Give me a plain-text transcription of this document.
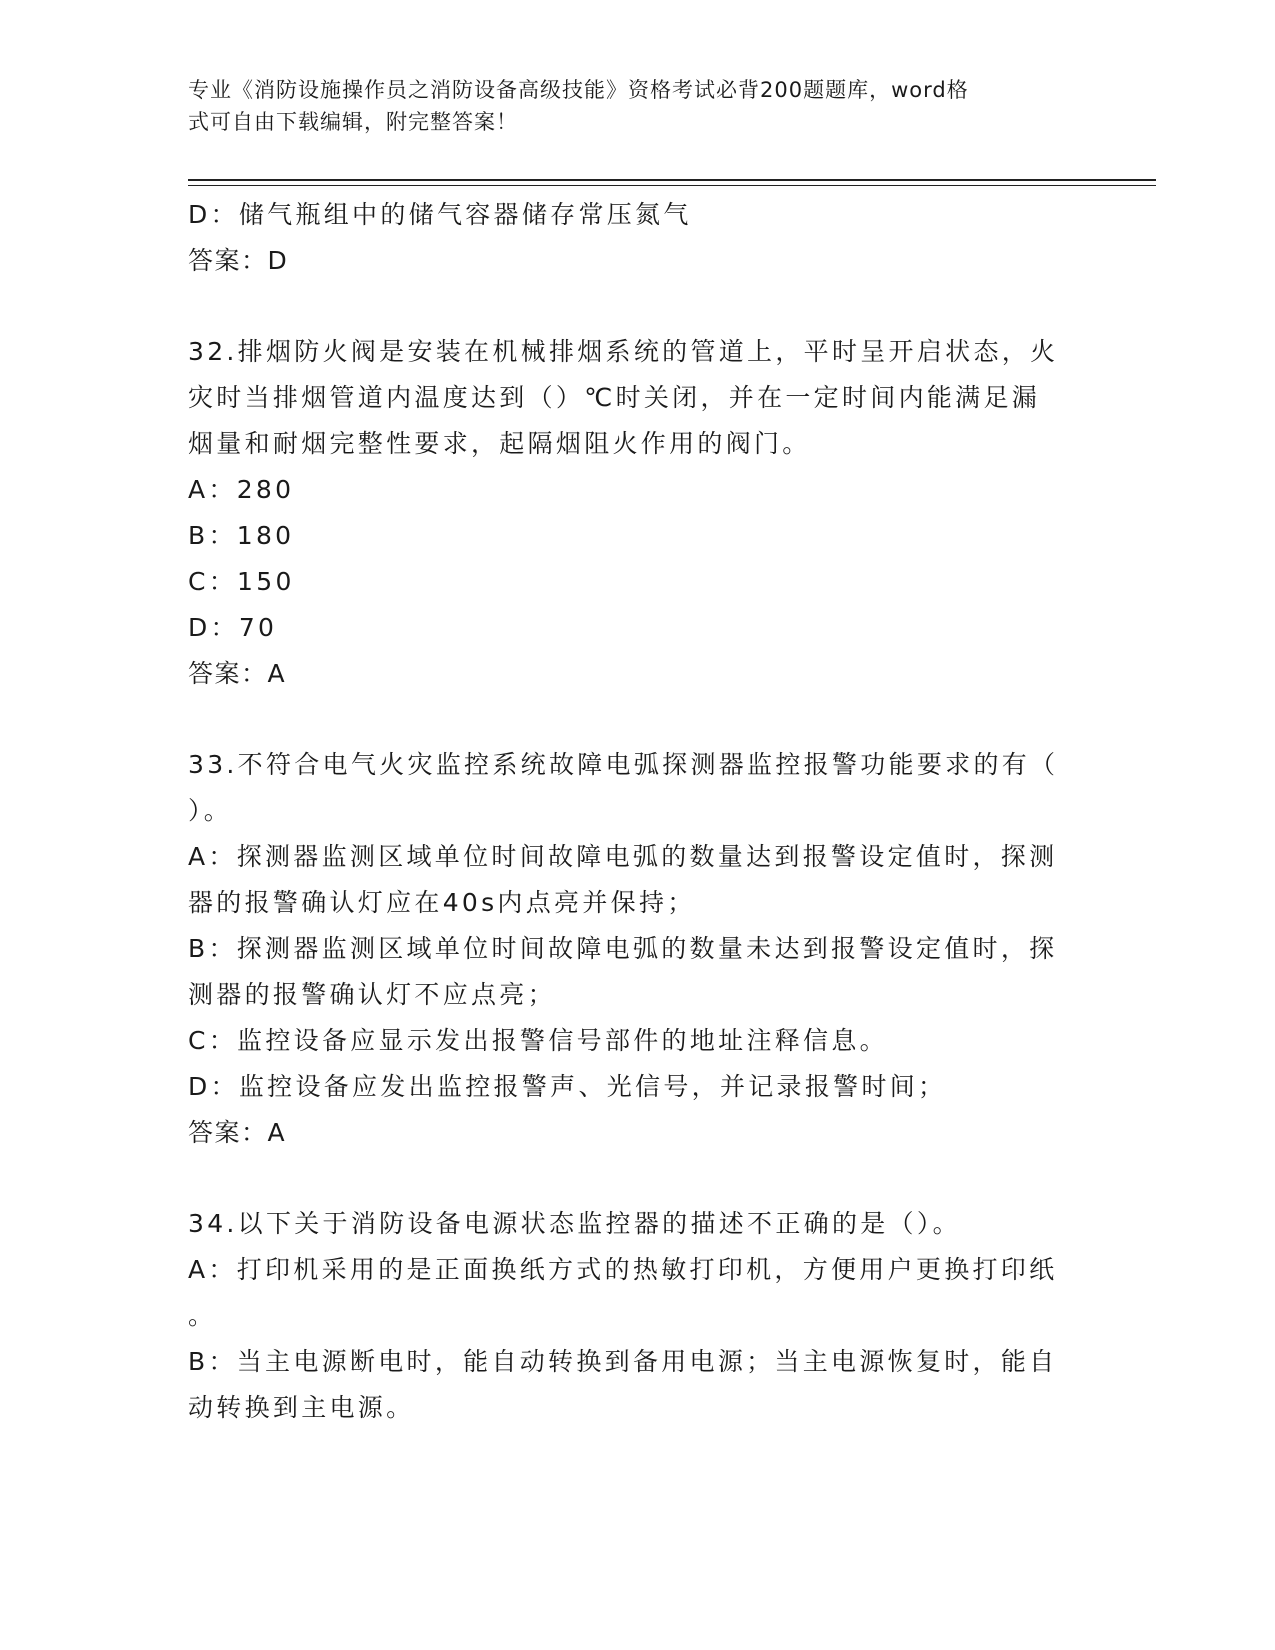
专业《消防设施操作员之消防设备高级技能》资格考试必背200题题库，word格
式可自由下载编辑，附完整答案！
D：储气瓶组中的储气容器储存常压氮气
答案：D
32.排烟防火阀是安装在机械排烟系统的管道上，平时呈开启状态，火
灾时当排烟管道内温度达到（）℃时关闭，并在一定时间内能满足漏
烟量和耐烟完整性要求，起隔烟阻火作用的阀门。
A：280
B：180
C：150
D：70
答案：A
33.不符合电气火灾监控系统故障电弧探测器监控报警功能要求的有（
）。
A：探测器监测区域单位时间故障电弧的数量达到报警设定值时，探测
器的报警确认灯应在40s内点亮并保持；
B：探测器监测区域单位时间故障电弧的数量未达到报警设定值时，探
测器的报警确认灯不应点亮；
C：监控设备应显示发出报警信号部件的地址注释信息。
D：监控设备应发出监控报警声、光信号，并记录报警时间；
答案：A
34.以下关于消防设备电源状态监控器的描述不正确的是（）。
A：打印机采用的是正面换纸方式的热敏打印机，方便用户更换打印纸
。
B：当主电源断电时，能自动转换到备用电源；当主电源恢复时，能自
动转换到主电源。
